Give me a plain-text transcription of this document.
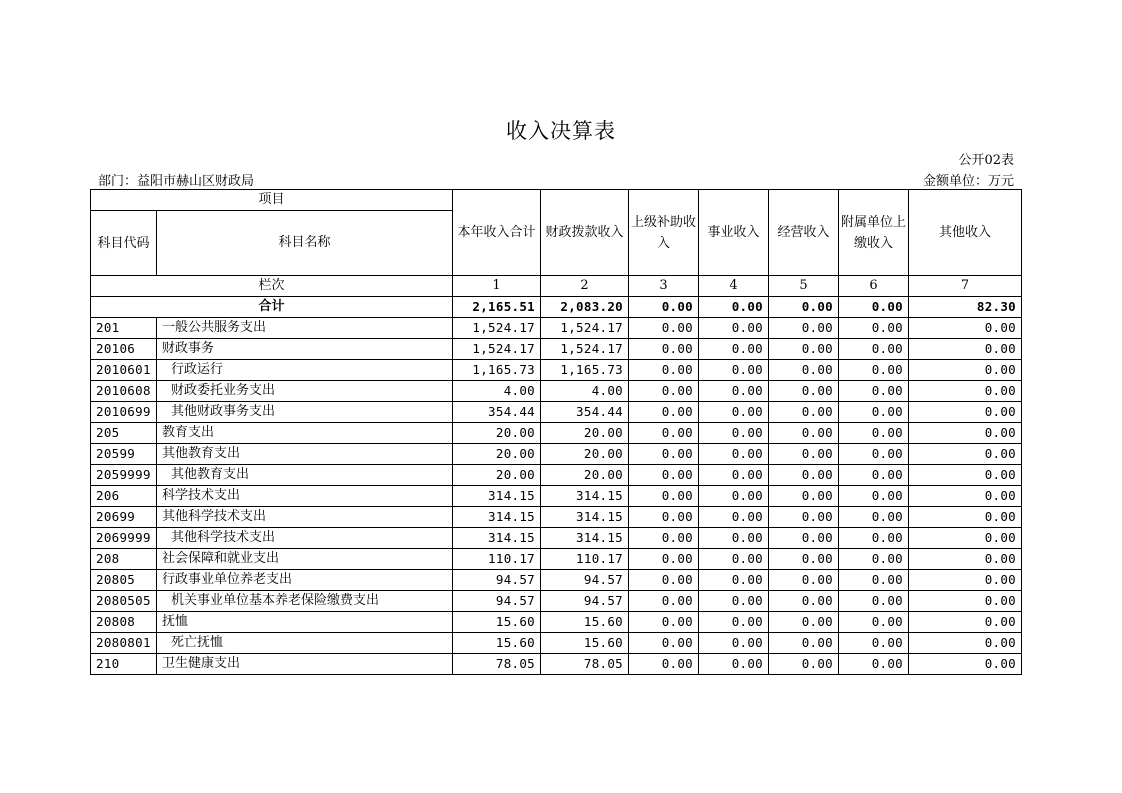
收入决算表
公开02表
部门：益阳市赫山区财政局	金额单位：万元
项目		本年收入合计	财政拨款收入	上级补助收入	事业收入	经营收入	附属单位上缴收入	其他收入
科目代码	科目名称							
栏次		1	2	3	4	5	6	7
合计		2,165.51	2,083.20	0.00	0.00	0.00	0.00	82.30
201	一般公共服务支出	1,524.17	1,524.17	0.00	0.00	0.00	0.00	0.00
20106	财政事务	1,524.17	1,524.17	0.00	0.00	0.00	0.00	0.00
2010601	行政运行	1,165.73	1,165.73	0.00	0.00	0.00	0.00	0.00
2010608	财政委托业务支出	4.00	4.00	0.00	0.00	0.00	0.00	0.00
2010699	其他财政事务支出	354.44	354.44	0.00	0.00	0.00	0.00	0.00
205	教育支出	20.00	20.00	0.00	0.00	0.00	0.00	0.00
20599	其他教育支出	20.00	20.00	0.00	0.00	0.00	0.00	0.00
2059999	其他教育支出	20.00	20.00	0.00	0.00	0.00	0.00	0.00
206	科学技术支出	314.15	314.15	0.00	0.00	0.00	0.00	0.00
20699	其他科学技术支出	314.15	314.15	0.00	0.00	0.00	0.00	0.00
2069999	其他科学技术支出	314.15	314.15	0.00	0.00	0.00	0.00	0.00
208	社会保障和就业支出	110.17	110.17	0.00	0.00	0.00	0.00	0.00
20805	行政事业单位养老支出	94.57	94.57	0.00	0.00	0.00	0.00	0.00
2080505	机关事业单位基本养老保险缴费支出	94.57	94.57	0.00	0.00	0.00	0.00	0.00
20808	抚恤	15.60	15.60	0.00	0.00	0.00	0.00	0.00
2080801	死亡抚恤	15.60	15.60	0.00	0.00	0.00	0.00	0.00
210	卫生健康支出	78.05	78.05	0.00	0.00	0.00	0.00	0.00
